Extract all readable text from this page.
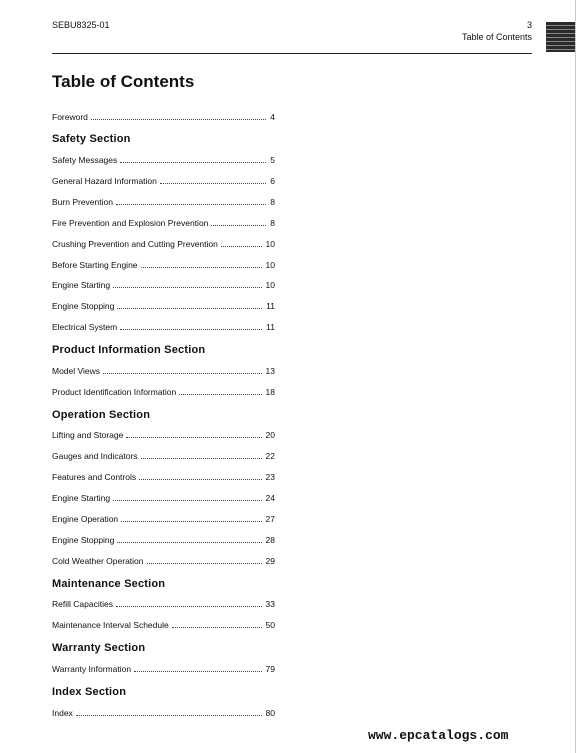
SEBU8325-01	3
Table of Contents
Table of Contents
Foreword	4
Safety Section
Safety Messages	5
General Hazard Information	6
Burn Prevention	8
Fire Prevention and Explosion Prevention	8
Crushing Prevention and Cutting Prevention	10
Before Starting Engine	10
Engine Starting	10
Engine Stopping	11
Electrical System	11
Product Information Section
Model Views	13
Product Identification Information	18
Operation Section
Lifting and Storage	20
Gauges and Indicators	22
Features and Controls	23
Engine Starting	24
Engine Operation	27
Engine Stopping	28
Cold Weather Operation	29
Maintenance Section
Refill Capacities	33
Maintenance Interval Schedule	50
Warranty Section
Warranty Information	79
Index Section
Index	80
www.epcatalogs.com
